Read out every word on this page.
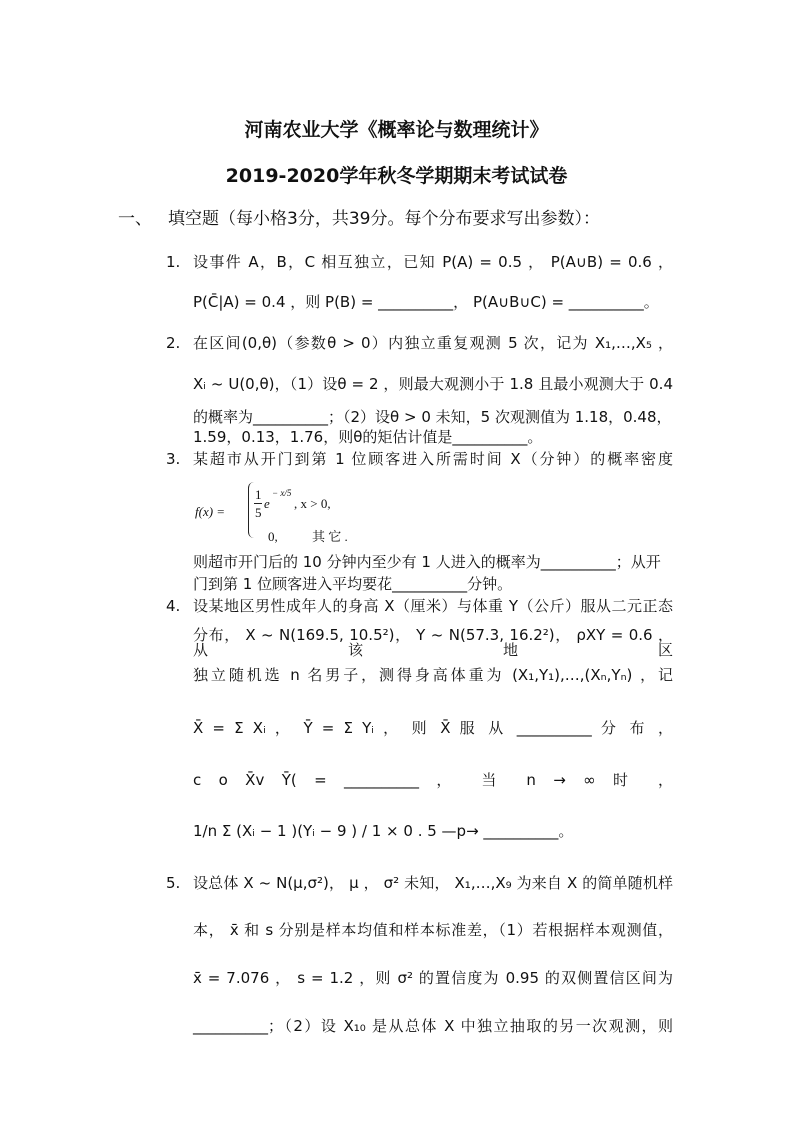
河南农业大学《概率论与数理统计》
2019-2020学年秋冬学期期末考试试卷
一、 填空题（每小格3分，共39分。每个分布要求写出参数）：
1. 设事件 A，B，C 相互独立，已知 P(A) = 0.5 ， P(A∪B) = 0.6 ，
P(C̄|A) = 0.4 ，则 P(B) = __________， P(A∪B∪C) = __________。
2. 在区间(0,θ)（参数θ > 0）内独立重复观测 5 次，记为 X₁,…,X₅ ，
Xᵢ ~ U(0,θ)，（1）设θ = 2 ，则最大观测小于 1.8 且最小观测大于 0.4
的概率为__________；（2）设θ > 0 未知，5 次观测值为 1.18，0.48，
1.59，0.13，1.76，则θ的矩估计值是__________。
3. 某超市从开门到第 1 位顾客进入所需时间 X（分钟）的概率密度
f(x) =
1
5
e
− x/5
, x > 0,
0,	其 它 .
则超市开门后的 10 分钟内至少有 1 人进入的概率为__________；从开
门到第 1 位顾客进入平均要花__________分钟。
4. 设某地区男性成年人的身高 X（厘米）与体重 Y（公斤）服从二元正态
分布， X ~ N(169.5, 10.5²)， Y ~ N(57.3, 16.2²)， ρXY = 0.6 ，从该地区
独立随机选 n 名男子，测得身高体重为 (X₁,Y₁),…,(Xₙ,Yₙ) ，记
X̄ = Σ Xᵢ ， Ȳ = Σ Yᵢ ， 则 X̄ 服 从 __________ 分 布 ，
c o X̄v Ȳ( = __________ ， 当 n → ∞ 时 ，
1/n Σ (Xᵢ − 1 )(Yᵢ − 9 ) / 1 × 0 . 5 —p→ __________。
5. 设总体 X ~ N(μ,σ²)， μ ， σ² 未知， X₁,…,X₉ 为来自 X 的简单随机样
本， x̄ 和 s 分别是样本均值和样本标准差，（1）若根据样本观测值，
x̄ = 7.076 ， s = 1.2 ，则 σ² 的置信度为 0.95 的双侧置信区间为
__________；（2）设 X₁₀ 是从总体 X 中独立抽取的另一次观测，则
